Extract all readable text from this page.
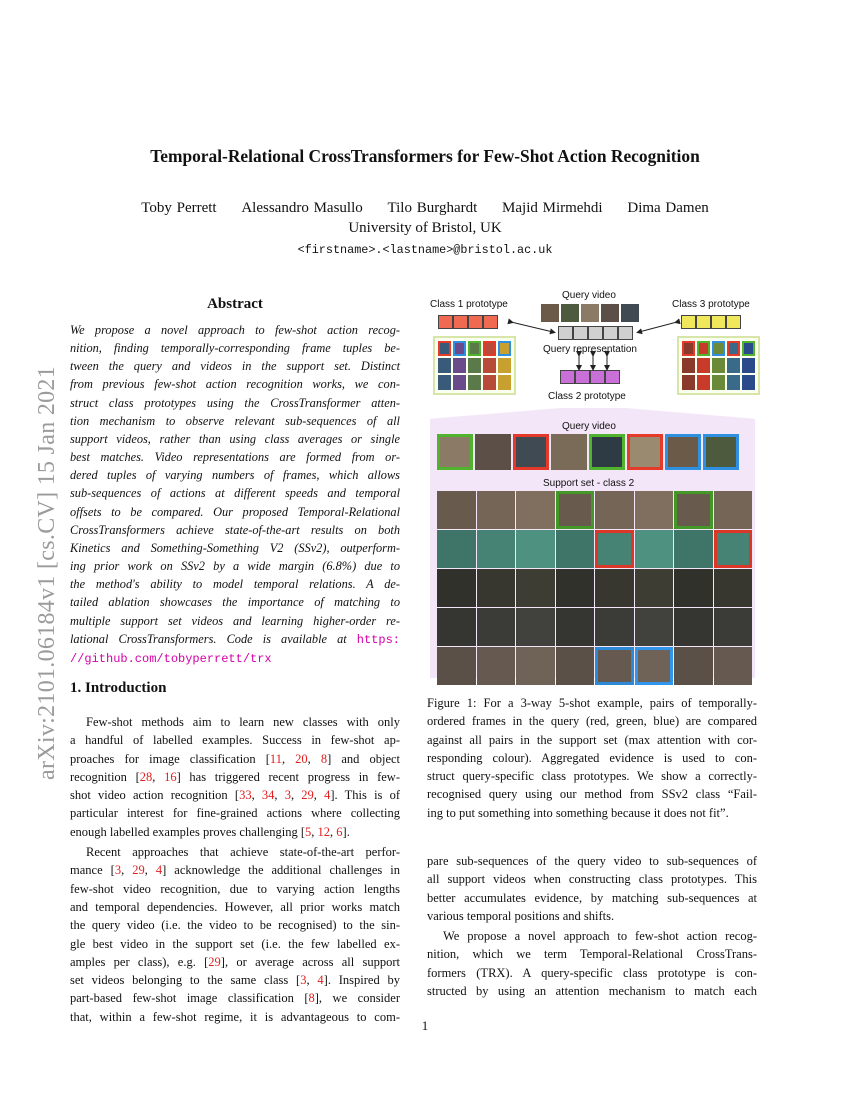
Temporal-Relational CrossTransformers for Few-Shot Action Recognition
Toby Perrett Alessandro Masullo Tilo Burghardt Majid Mirmehdi Dima Damen
University of Bristol, UK
<firstname>.<lastname>@bristol.ac.uk
arXiv:2101.06184v1 [cs.CV] 15 Jan 2021
Abstract
We propose a novel approach to few-shot action recog-
nition, finding temporally-corresponding frame tuples be-
tween the query and videos in the support set. Distinct
from previous few-shot action recognition works, we con-
struct class prototypes using the CrossTransformer atten-
tion mechanism to observe relevant sub-sequences of all
support videos, rather than using class averages or single
best matches. Video representations are formed from or-
dered tuples of varying numbers of frames, which allows
sub-sequences of actions at different speeds and temporal
offsets to be compared. Our proposed Temporal-Relational
CrossTransformers achieve state-of-the-art results on both
Kinetics and Something-Something V2 (SSv2), outperform-
ing prior work on SSv2 by a wide margin (6.8%) due to
the method's ability to model temporal relations. A de-
tailed ablation showcases the importance of matching to
multiple support set videos and learning higher-order re-
lational CrossTransformers. Code is available at https:
//github.com/tobyperrett/trx
1. Introduction
Few-shot methods aim to learn new classes with only
a handful of labelled examples. Success in few-shot ap-
proaches for image classification [11, 20, 8] and object
recognition [28, 16] has triggered recent progress in few-
shot video action recognition [33, 34, 3, 29, 4]. This is of
particular interest for fine-grained actions where collecting
enough labelled examples proves challenging [5, 12, 6].
Recent approaches that achieve state-of-the-art perfor-
mance [3, 29, 4] acknowledge the additional challenges in
few-shot video recognition, due to varying action lengths
and temporal dependencies. However, all prior works match
the query video (i.e. the video to be recognised) to the sin-
gle best video in the support set (i.e. the few labelled ex-
amples per class), e.g. [29], or average across all support
set videos belonging to the same class [3, 4]. Inspired by
part-based few-shot image classification [8], we consider
that, within a few-shot regime, it is advantageous to com-
Class 1 prototype
Query video
Class 3 prototype
Query representation
Class 2 prototype
Query video
Support set - class 2
Figure 1: For a 3-way 5-shot example, pairs of temporally-
ordered frames in the query (red, green, blue) are compared
against all pairs in the support set (max attention with cor-
responding colour). Aggregated evidence is used to con-
struct query-specific class prototypes. We show a correctly-
recognised query using our method from SSv2 class “Fail-
ing to put something into something because it does not fit”.
pare sub-sequences of the query video to sub-sequences of
all support videos when constructing class prototypes. This
better accumulates evidence, by matching sub-sequences at
various temporal positions and shifts.
We propose a novel approach to few-shot action recog-
nition, which we term Temporal-Relational CrossTrans-
formers (TRX). A query-specific class prototype is con-
structed by using an attention mechanism to match each
1
